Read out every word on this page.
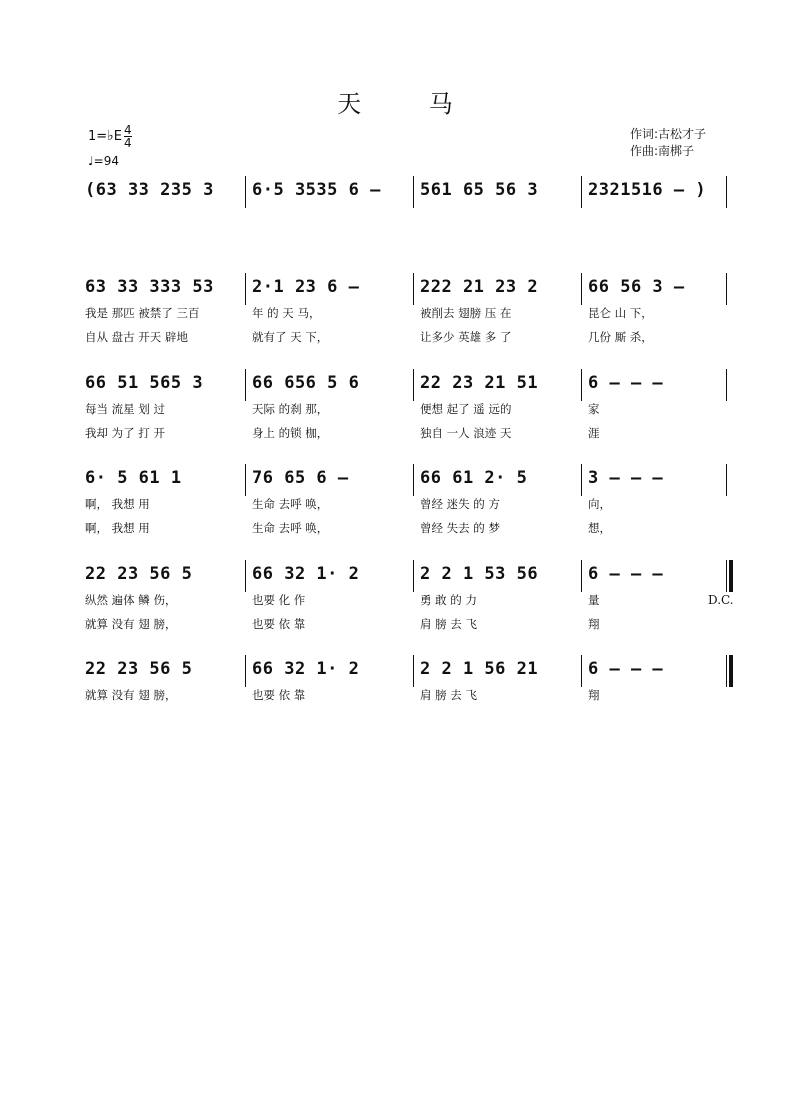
天 马
1=♭E $\frac{4}{4}$
♩=94
作词:古松才子
作曲:南梆子
(63 33 235 3 6·5 3535 6 – 561 65 56 3	2321516 – )
63 33 333 53 2·1 23 6 –	222 21 23 2	66 56 3 –
我是 那匹 被禁了 三百	年 的 天 马，	被削去 翅膀 压 在	昆仑 山 下，
自从 盘古 开天 辟地	就有了 天 下，	让多少 英雄 多 了	几份 厮 杀，
66 51 565 3	66 656 5 6	22 23 21 51	6 – – –
每当 流星 划 过	天际 的刹 那，	便想 起了 遥 远的	家
我却 为了 打 开	身上 的锁 枷，	独自 一人 浪迹 天	涯
6· 5 61 1	76 65 6 –	66 61 2· 5	3 – – –
啊， 我想 用	生命 去呼 唤，	曾经 迷失 的 方	向，
啊， 我想 用	生命 去呼 唤，	曾经 失去 的 梦	想，
22 23 56 5	66 32 1· 2	2 2 1 53 56	6 – – –
纵然 遍体 鳞 伤，	也要 化 作	勇 敢 的 力	量
就算 没有 翅 膀，	也要 依 靠	肩 膀 去 飞	翔
22 23 56 5	66 32 1· 2	2 2 1 56 21	6 – – –
就算 没有 翅 膀，	也要 依 靠	肩 膀 去 飞	翔
D.C.
